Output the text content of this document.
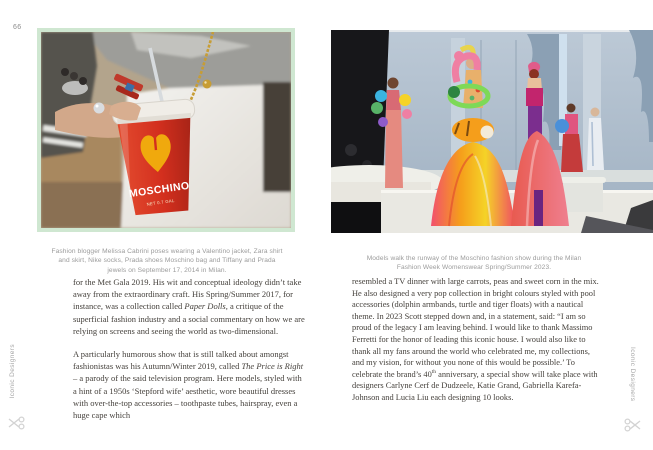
66
MOSCHINO
NET 0.7 GAL

Fashion blogger Melissa Cabrini poses wearing a Valentino jacket, Zara shirt and skirt, Nike socks, Prada shoes Moschino bag and Tiffany and Prada jewels on September 17, 2014 in Milan.

for the Met Gala 2019. His wit and conceptual ideology didn’t take away from the extraordinary craft. His Spring/Summer 2017, for instance, was a collection called Paper Dolls, a critique of the superficial fashion industry and a social commentary on how we are relying on screens and seeing the world as two-dimensional.

A particularly humorous show that is still talked about amongst fashionistas was his Autumn/Winter 2019, called The Price is Right – a parody of the said television program. Here models, styled with a hint of a 1950s ‘Stepford wife’ aesthetic, wore beautiful dresses with over-the-top accessories – toothpaste tubes, hairspray, even a huge cape which

Models walk the runway of the Moschino fashion show during the Milan Fashion Week Womenswear Spring/Summer 2023.

resembled a TV dinner with large carrots, peas and sweet corn in the mix. He also designed a very pop collection in bright colours styled with pool accessories (dolphin armbands, turtle and tiger floats) with a nautical theme. In 2023 Scott stepped down and, in a statement, said: “I am so proud of the legacy I am leaving behind. I would like to thank Massimo Ferretti for the honor of leading this iconic house. I would also like to thank all my fans around the world who celebrated me, my collections, and my vision, for without you none of this would be possible.’ To celebrate the brand’s 40th anniversary, a special show will take place with designers Carlyne Cerf de Dudzeele, Katie Grand, Gabriella Karefa-Johnson and Lucia Liu each designing 10 looks.

Iconic Designers	Iconic Designers
